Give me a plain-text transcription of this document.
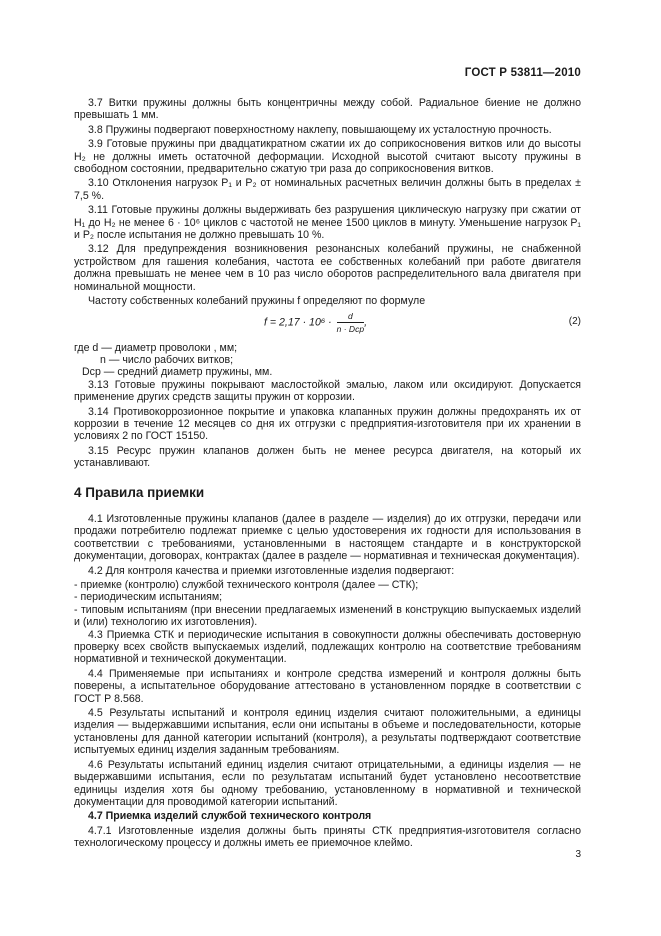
ГОСТ Р 53811—2010

3.7 Витки пружины должны быть концентричны между собой. Радиальное биение не должно превышать 1 мм.

3.8 Пружины подвергают поверхностному наклепу, повышающему их усталостную прочность.

3.9 Готовые пружины при двадцатикратном сжатии их до соприкосновения витков или до высоты H₂ не должны иметь остаточной деформации. Исходной высотой считают высоту пружины в свободном состоянии, предварительно сжатую три раза до соприкосновения витков.

3.10 Отклонения нагрузок P₁ и P₂ от номинальных расчетных величин должны быть в пределах ± 7,5 %.

3.11 Готовые пружины должны выдерживать без разрушения циклическую нагрузку при сжатии от H₁ до H₂ не менее 6 · 10⁶ циклов с частотой не менее 1500 циклов в минуту. Уменьшение нагрузок P₁ и P₂ после испытания не должно превышать 10 %.

3.12 Для предупреждения возникновения резонансных колебаний пружины, не снабженной устройством для гашения колебания, частота ее собственных колебаний при работе двигателя должна превышать не менее чем в 10 раз число оборотов распределительного вала двигателя при номинальной мощности.

Частоту собственных колебаний пружины f определяют по формуле

$f = 2,17 \cdot 10^6 \cdot \frac{d}{\text{n · Dср}}$ ,	(2)
где d — диаметр проволоки , мм;
n — число рабочих витков;
Dср — средний диаметр пружины, мм.

3.13 Готовые пружины покрывают маслостойкой эмалью, лаком или оксидируют. Допускается применение других средств защиты пружин от коррозии.

3.14 Противокоррозионное покрытие и упаковка клапанных пружин должны предохранять их от коррозии в течение 12 месяцев со дня их отгрузки с предприятия-изготовителя при их хранении в условиях 2 по ГОСТ 15150.

3.15 Ресурс пружин клапанов должен быть не менее ресурса двигателя, на который их устанавливают.

4 Правила приемки

4.1 Изготовленные пружины клапанов (далее в разделе — изделия) до их отгрузки, передачи или продажи потребителю подлежат приемке с целью удостоверения их годности для использования в соответствии с требованиями, установленными в настоящем стандарте и в конструкторской документации, договорах, контрактах (далее в разделе — нормативная и техническая документация).

4.2 Для контроля качества и приемки изготовленные изделия подвергают:

- приемке (контролю) службой технического контроля (далее — СТК);

- периодическим испытаниям;

- типовым испытаниям (при внесении предлагаемых изменений в конструкцию выпускаемых изделий и (или) технологию их изготовления).

4.3 Приемка СТК и периодические испытания в совокупности должны обеспечивать достоверную проверку всех свойств выпускаемых изделий, подлежащих контролю на соответствие требованиям нормативной и технической документации.

4.4 Применяемые при испытаниях и контроле средства измерений и контроля должны быть поверены, а испытательное оборудование аттестовано в установленном порядке в соответствии с ГОСТ Р 8.568.

4.5 Результаты испытаний и контроля единиц изделия считают положительными, а единицы изделия — выдержавшими испытания, если они испытаны в объеме и последовательности, которые установлены для данной категории испытаний (контроля), а результаты подтверждают соответствие испытуемых единиц изделия заданным требованиям.

4.6 Результаты испытаний единиц изделия считают отрицательными, а единицы изделия — не выдержавшими испытания, если по результатам испытаний будет установлено несоответствие единицы изделия хотя бы одному требованию, установленному в нормативной и технической документации для проводимой категории испытаний.

4.7 Приемка изделий службой технического контроля

4.7.1 Изготовленные изделия должны быть приняты СТК предприятия-изготовителя согласно технологическому процессу и должны иметь ее приемочное клеймо.

3
